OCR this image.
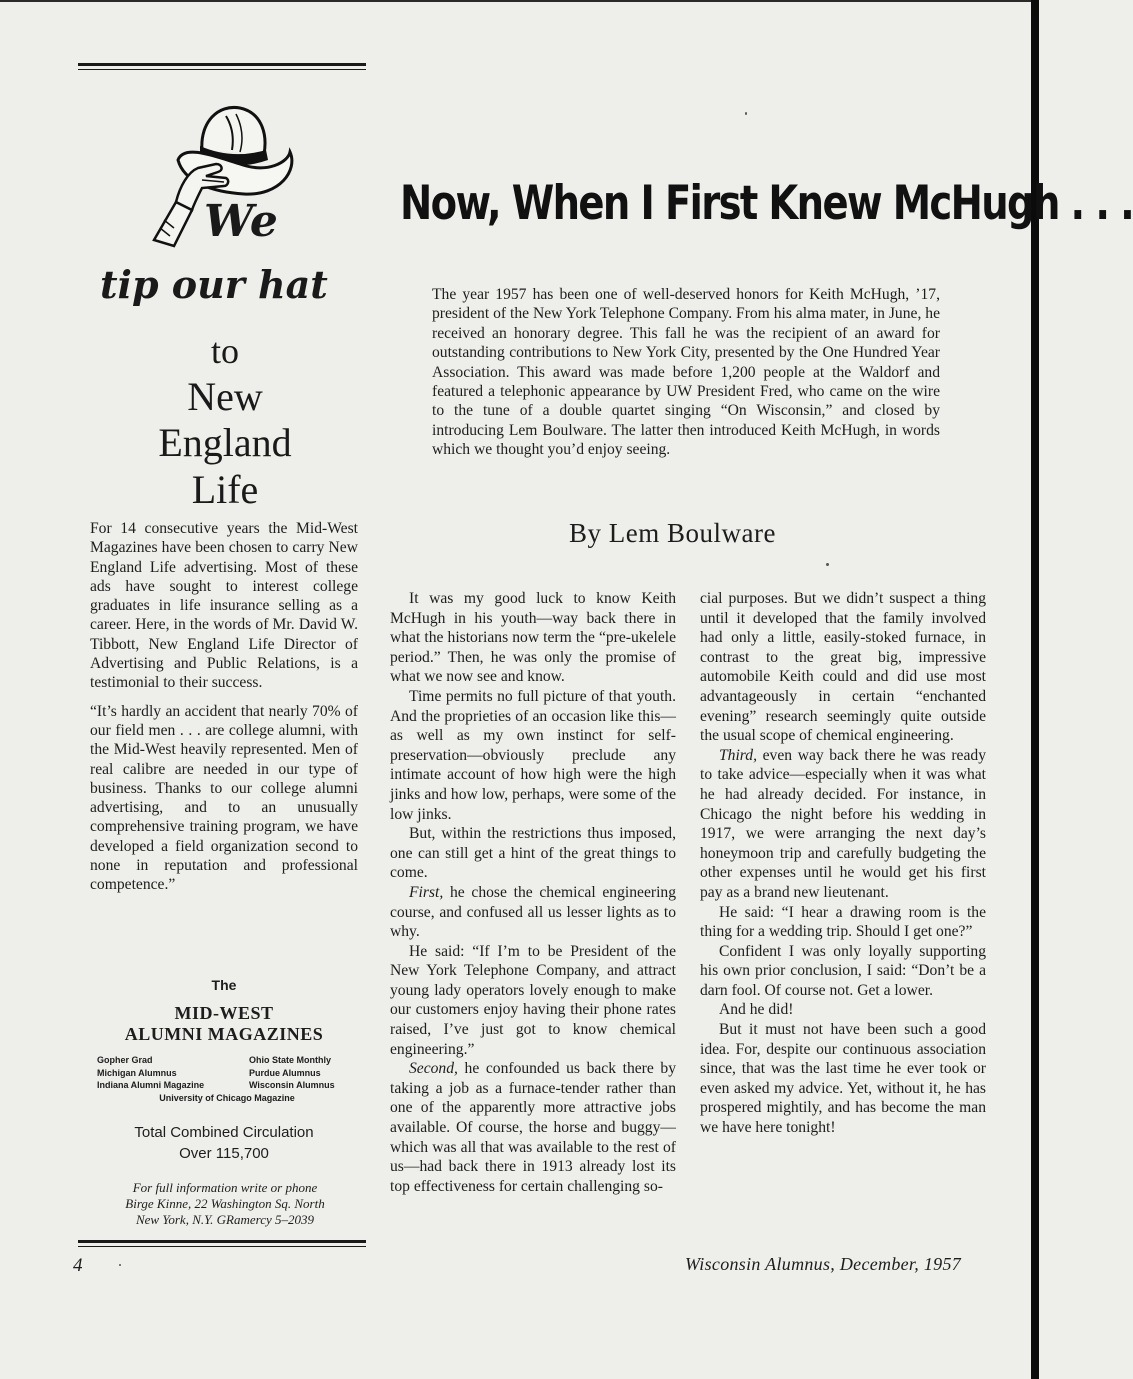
We
tip our hat
to
New
England
Life

For 14 consecutive years the Mid-West Magazines have been chosen to carry New England Life advertising. Most of these ads have sought to interest college graduates in life insurance selling as a career. Here, in the words of Mr. David W. Tibbott, New England Life Director of Advertising and Public Relations, is a testimonial to their success.

“It’s hardly an accident that nearly 70% of our field men . . . are college alumni, with the Mid-West heavily represented. Men of real calibre are needed in our type of business. Thanks to our college alumni advertising, and to an unusually comprehensive training program, we have developed a field organization second to none in reputation and professional competence.”

The
MID-WEST
ALUMNI MAGAZINES
Gopher Grad	Ohio State Monthly
Michigan Alumnus	Purdue Alumnus
Indiana Alumni Magazine	Wisconsin Alumnus
University of Chicago Magazine
Total Combined Circulation
Over 115,700
For full information write or phone
Birge Kinne, 22 Washington Sq. North
New York, N.Y. GRamercy 5–2039
4
Now, When I First Knew McHugh . . .
The year 1957 has been one of well-deserved honors for Keith McHugh, ’17, president of the New York Telephone Company. From his alma mater, in June, he received an honorary degree. This fall he was the recipient of an award for outstanding contributions to New York City, presented by the One Hundred Year Association. This award was made before 1,200 people at the Waldorf and featured a telephonic appearance by UW President Fred, who came on the wire to the tune of a double quartet singing “On Wisconsin,” and closed by introducing Lem Boulware. The latter then introduced Keith McHugh, in words which we thought you’d enjoy seeing.
By Lem Boulware

It was my good luck to know Keith McHugh in his youth—way back there in what the historians now term the “pre-ukelele period.” Then, he was only the promise of what we now see and know.

Time permits no full picture of that youth. And the proprieties of an occasion like this—as well as my own instinct for self-preservation—obviously preclude any intimate account of how high were the high jinks and how low, perhaps, were some of the low jinks.

But, within the restrictions thus imposed, one can still get a hint of the great things to come.

First, he chose the chemical engineering course, and confused all us lesser lights as to why.

He said: “If I’m to be President of the New York Telephone Company, and attract young lady operators lovely enough to make our customers enjoy having their phone rates raised, I’ve just got to know chemical engineering.”

Second, he confounded us back there by taking a job as a furnace-tender rather than one of the apparently more attractive jobs available. Of course, the horse and buggy—which was all that was available to the rest of us—had back there in 1913 already lost its top effectiveness for certain challenging so-

cial purposes. But we didn’t suspect a thing until it developed that the family involved had only a little, easily-stoked furnace, in contrast to the great big, impressive automobile Keith could and did use most advantageously in certain “enchanted evening” research seemingly quite outside the usual scope of chemical engineering.

Third, even way back there he was ready to take advice—especially when it was what he had already decided. For instance, in Chicago the night before his wedding in 1917, we were arranging the next day’s honeymoon trip and carefully budgeting the other expenses until he would get his first pay as a brand new lieutenant.

He said: “I hear a drawing room is the thing for a wedding trip. Should I get one?”

Confident I was only loyally supporting his own prior conclusion, I said: “Don’t be a darn fool. Of course not. Get a lower.

And he did!

But it must not have been such a good idea. For, despite our continuous association since, that was the last time he ever took or even asked my advice. Yet, without it, he has prospered mightily, and has become the man we have here tonight!

Wisconsin Alumnus, December, 1957
